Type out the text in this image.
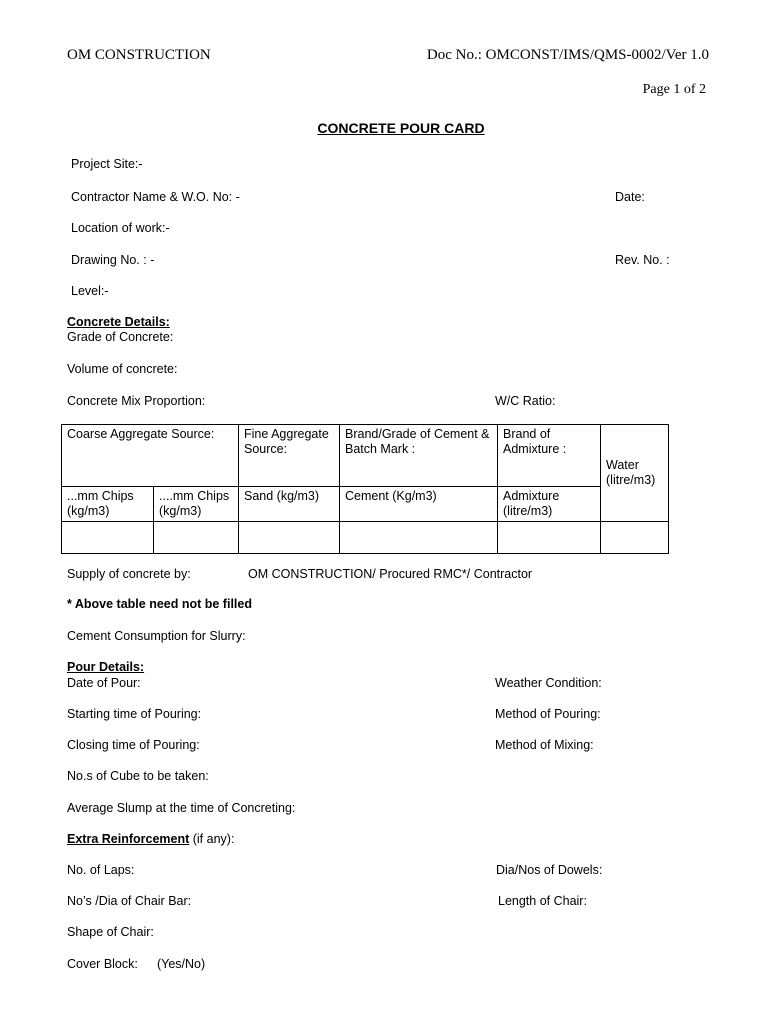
OM CONSTRUCTION	Doc No.: OMCONST/IMS/QMS-0002/Ver 1.0
Page 1 of 2
CONCRETE POUR CARD
Project Site:-
Contractor Name & W.O. No: -	Date:
Location of work:-
Drawing No. : -	Rev. No. :
Level:-
Concrete Details:
Grade of Concrete:
Volume of concrete:
Concrete Mix Proportion:	W/C Ratio:
Coarse Aggregate Source:		Fine Aggregate Source:	Brand/Grade of Cement & Batch Mark :	Brand of Admixture :	Water (litre/m3)
...mm Chips (kg/m3)	....mm Chips (kg/m3)	Sand (kg/m3)	Cement (Kg/m3)	Admixture (litre/m3)	

Supply of concrete by:	OM CONSTRUCTION/ Procured RMC*/ Contractor
* Above table need not be filled
Cement Consumption for Slurry:
Pour Details:
Date of Pour:	Weather Condition:
Starting time of Pouring:	Method of Pouring:
Closing time of Pouring:	Method of Mixing:
No.s of Cube to be taken:
Average Slump at the time of Concreting:
Extra Reinforcement (if any):
No. of Laps:	Dia/Nos of Dowels:
No’s /Dia of Chair Bar:	Length of Chair:
Shape of Chair:
Cover Block: (Yes/No)
